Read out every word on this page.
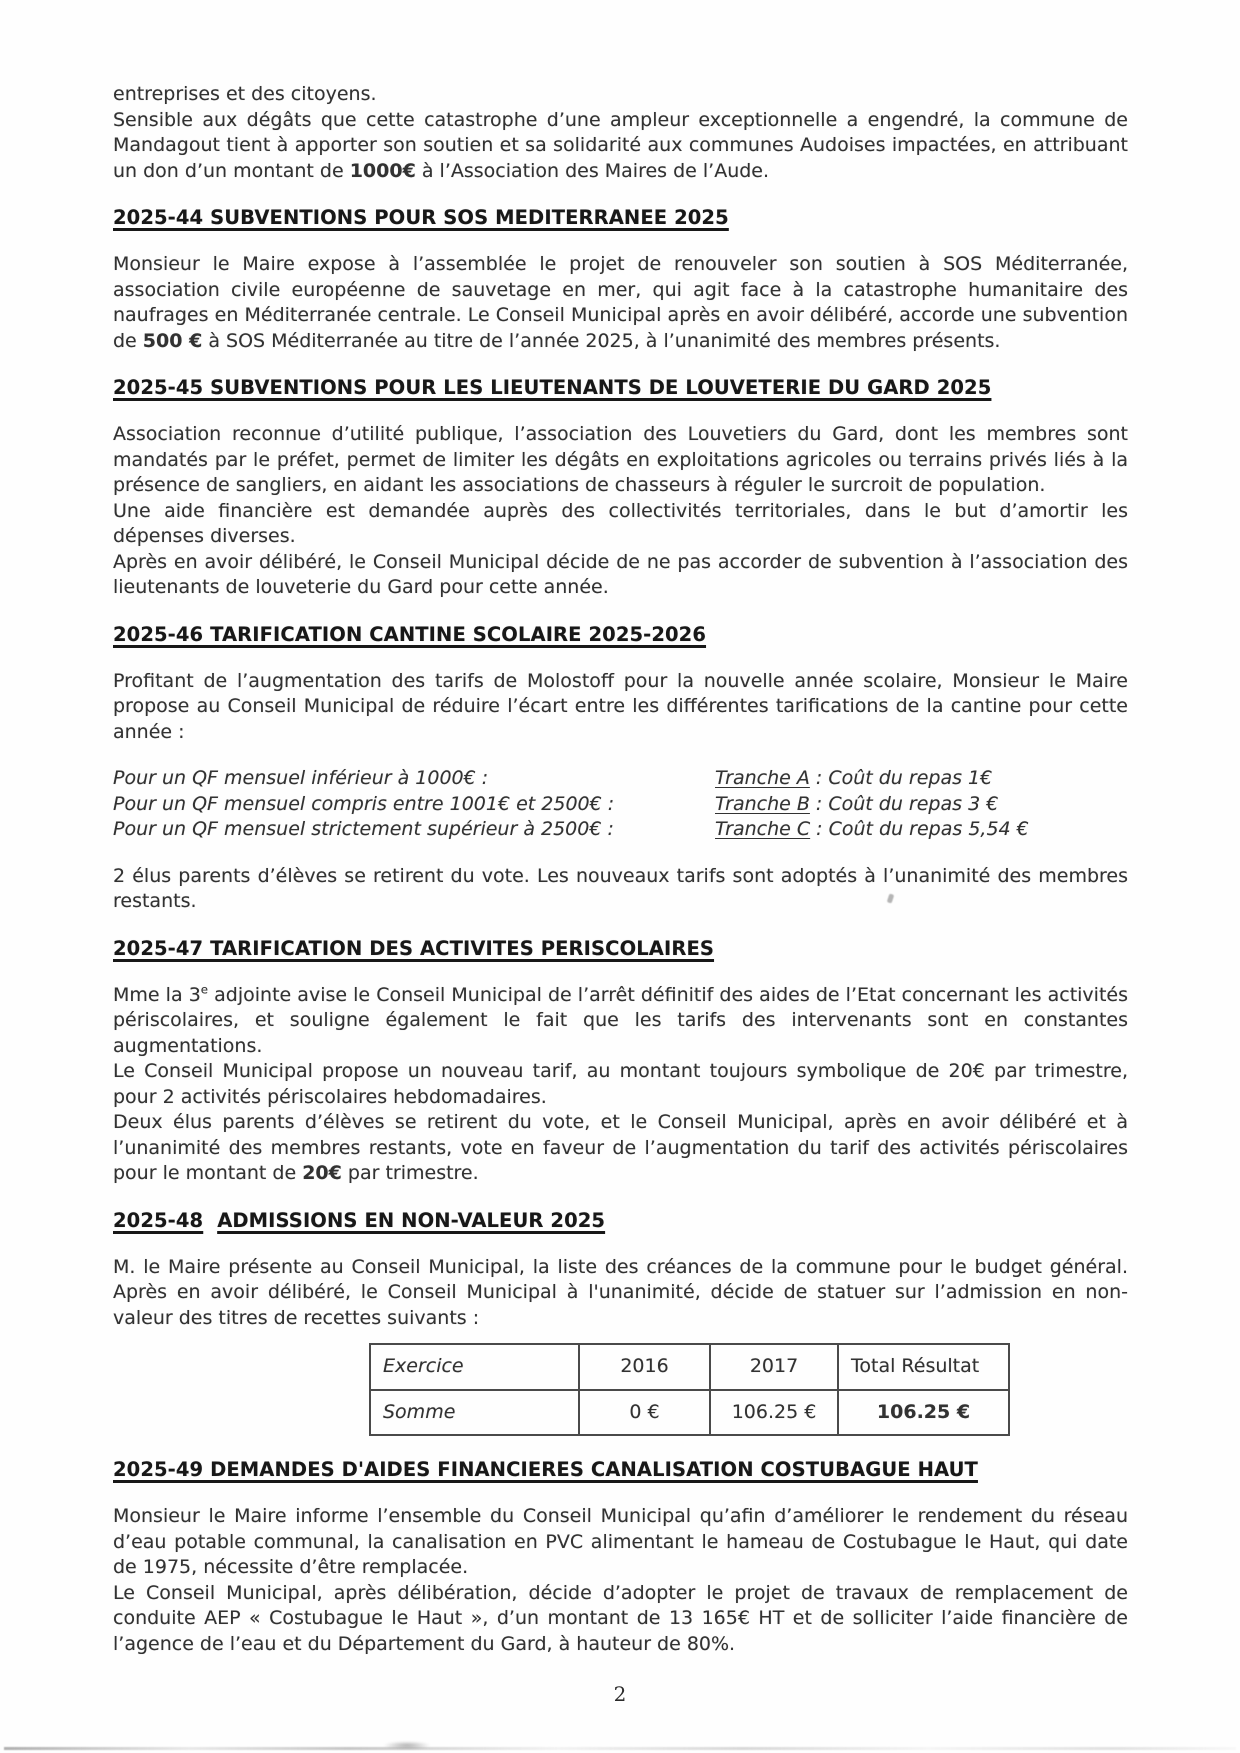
entreprises et des citoyens.

Sensible aux dégâts que cette catastrophe d’une ampleur exceptionnelle a engendré, la commune de Mandagout tient à apporter son soutien et sa solidarité aux communes Audoises impactées, en attribuant un don d’un montant de 1000€ à l’Association des Maires de l’Aude.

2025-44 SUBVENTIONS POUR SOS MEDITERRANEE 2025

Monsieur le Maire expose à l’assemblée le projet de renouveler son soutien à SOS Méditerranée, association civile européenne de sauvetage en mer, qui agit face à la catastrophe humanitaire des naufrages en Méditerranée centrale. Le Conseil Municipal après en avoir délibéré, accorde une subvention de 500 € à SOS Méditerranée au titre de l’année 2025, à l’unanimité des membres présents.

2025-45 SUBVENTIONS POUR LES LIEUTENANTS DE LOUVETERIE DU GARD 2025

Association reconnue d’utilité publique, l’association des Louvetiers du Gard, dont les membres sont mandatés par le préfet, permet de limiter les dégâts en exploitations agricoles ou terrains privés liés à la présence de sangliers, en aidant les associations de chasseurs à réguler le surcroit de population.

Une aide financière est demandée auprès des collectivités territoriales, dans le but d’amortir les dépenses diverses.

Après en avoir délibéré, le Conseil Municipal décide de ne pas accorder de subvention à l’association des lieutenants de louveterie du Gard pour cette année.

2025-46 TARIFICATION CANTINE SCOLAIRE 2025-2026

Profitant de l’augmentation des tarifs de Molostoff pour la nouvelle année scolaire, Monsieur le Maire propose au Conseil Municipal de réduire l’écart entre les différentes tarifications de la cantine pour cette année :

Pour un QF mensuel inférieur à 1000€ :	Tranche A : Coût du repas 1€
Pour un QF mensuel compris entre 1001€ et 2500€ :	Tranche B : Coût du repas 3 €
Pour un QF mensuel strictement supérieur à 2500€ :	Tranche C : Coût du repas 5,54 €

2 élus parents d’élèves se retirent du vote. Les nouveaux tarifs sont adoptés à l’unanimité des membres restants.

2025-47 TARIFICATION DES ACTIVITES PERISCOLAIRES

Mme la 3e adjointe avise le Conseil Municipal de l’arrêt définitif des aides de l’Etat concernant les activités périscolaires, et souligne également le fait que les tarifs des intervenants sont en constantes augmentations.

Le Conseil Municipal propose un nouveau tarif, au montant toujours symbolique de 20€ par trimestre, pour 2 activités périscolaires hebdomadaires.

Deux élus parents d’élèves se retirent du vote, et le Conseil Municipal, après en avoir délibéré et à l’unanimité des membres restants, vote en faveur de l’augmentation du tarif des activités périscolaires pour le montant de 20€ par trimestre.

2025-48 ADMISSIONS EN NON-VALEUR 2025

M. le Maire présente au Conseil Municipal, la liste des créances de la commune pour le budget général. Après en avoir délibéré, le Conseil Municipal à l'unanimité, décide de statuer sur l’admission en non-valeur des titres de recettes suivants :

Exercice	2016	2017	Total Résultat
Somme	0 €	106.25 €	106.25 €
2025-49 DEMANDES D'AIDES FINANCIERES CANALISATION COSTUBAGUE HAUT

Monsieur le Maire informe l’ensemble du Conseil Municipal qu’afin d’améliorer le rendement du réseau d’eau potable communal, la canalisation en PVC alimentant le hameau de Costubague le Haut, qui date de 1975, nécessite d’être remplacée.

Le Conseil Municipal, après délibération, décide d’adopter le projet de travaux de remplacement de conduite AEP « Costubague le Haut », d’un montant de 13 165€ HT et de solliciter l’aide financière de l’agence de l’eau et du Département du Gard, à hauteur de 80%.

2
